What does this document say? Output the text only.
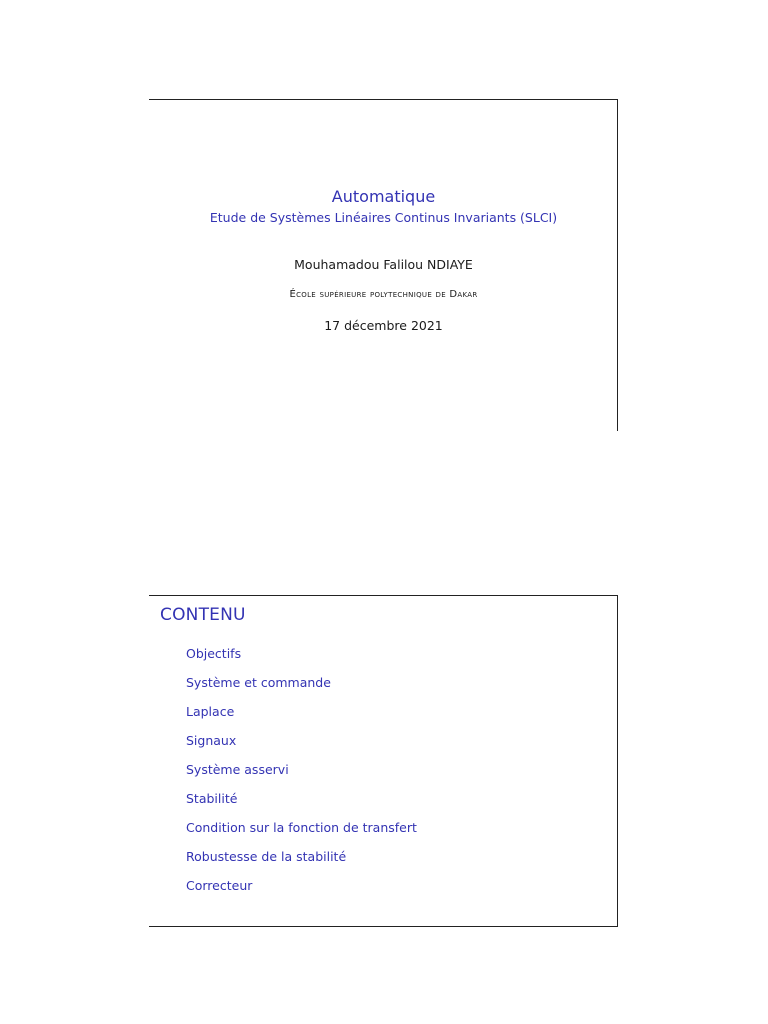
Automatique
Etude de Systèmes Linéaires Continus Invariants (SLCI)
Mouhamadou Falilou NDIAYE
École supérieure polytechnique de Dakar
17 décembre 2021
CONTENU
Objectifs
Système et commande
Laplace
Signaux
Système asservi
Stabilité
Condition sur la fonction de transfert
Robustesse de la stabilité
Correcteur
